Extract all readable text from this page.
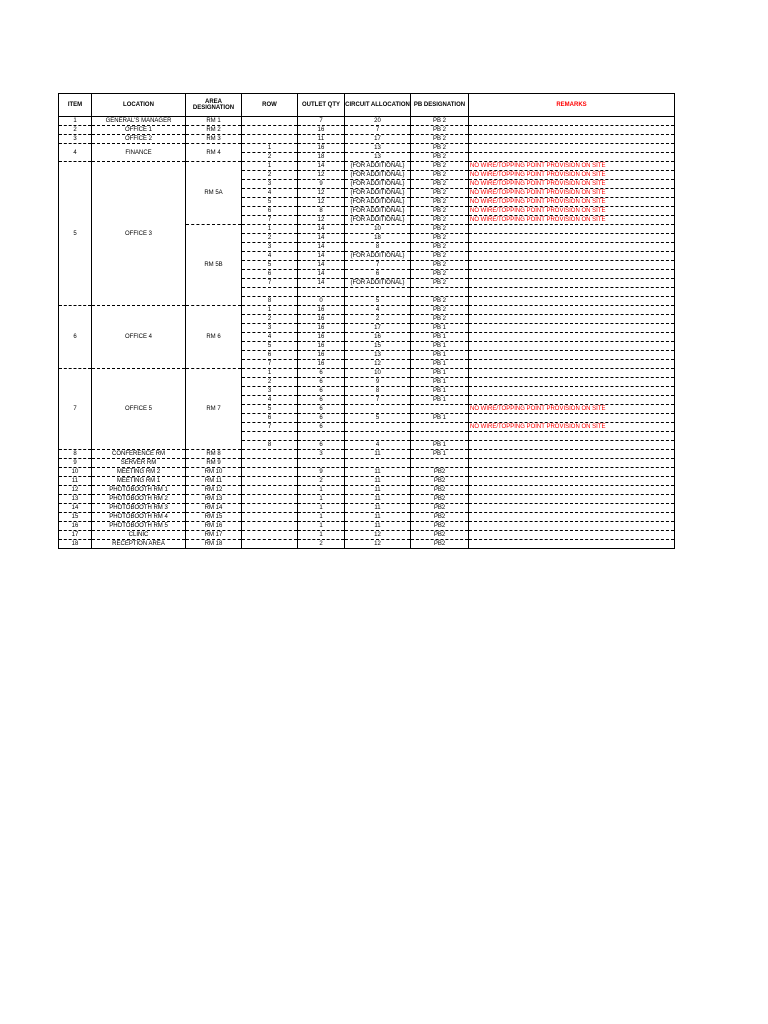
ITEM	LOCATION	AREA DESIGNATION	ROW	OUTLET QTY	CIRCUIT ALLOCATION	PB DESIGNATION	REMARKS
1	GENERAL'S MANAGER	RM 1		7	20	PB 2	
2	OFFICE 1	RM 2		16	7	PB 2	
3	OFFICE 2	RM 3		11	17	PB 2	
4	FINANCE	RM 4	1	16	13	PB 2	
			2	18	13	PB 2	
5	OFFICE 3	RM 5A	1	14	(FOR ADDITIONAL)	PB 2	NO WIRE/TOPPING POINT PROVISION ON SITE
			2	12	(FOR ADDITIONAL)	PB 2	NO WIRE/TOPPING POINT PROVISION ON SITE
			3	9	(FOR ADDITIONAL)	PB 2	NO WIRE/TOPPING POINT PROVISION ON SITE
			4	12	(FOR ADDITIONAL)	PB 2	NO WIRE/TOPPING POINT PROVISION ON SITE
			5	12	(FOR ADDITIONAL)	PB 2	NO WIRE/TOPPING POINT PROVISION ON SITE
			6	8	(FOR ADDITIONAL)	PB 2	NO WIRE/TOPPING POINT PROVISION ON SITE
			7	12	(FOR ADDITIONAL)	PB 2	NO WIRE/TOPPING POINT PROVISION ON SITE
		RM 5B	1	14	10	PB 2	
			2	14	18	PB 2	
			3	14	8	PB 2	
			4	14	(FOR ADDITIONAL)	PB 2	
			5	14	7	PB 2	
			6	14	6	PB 2	
			7	14	(FOR ADDITIONAL)	PB 2	

			8	0	5	PB 2	
6	OFFICE 4	RM 6	1	16	4	PB 2	
			2	16	2	PB 2	
			3	16	17	PB 1	
			4	16	16	PB 1	
			5	16	15	PB 1	
			6	16	13	PB 1	
			7	16	12	PB 1	
7	OFFICE 5	RM 7	1	6	10	PB 1	
			2	6	9	PB 1	
			3	6	8	PB 1	
			4	6	7	PB 1	
			5	6			NO WIRE/TOPPING POINT PROVISION ON SITE
			6	6	5	PB 1	
			7	6			NO WIRE/TOPPING POINT PROVISION ON SITE

			8	6	4	PB 1	
8	CONFERENCE RM	RM 8		3	11	PB 1	
9	SERVER RM	RM 9					
10	MEETING RM 2	RM 10		9	11	PB2	
11	MEETING RM 1	RM 11		2	11	PB2	
12	PHOTOBOOTH RM 1	RM 12		1	11	PB2	
13	PHOTOBOOTH RM 2	RM 13		1	11	PB2	
14	PHOTOBOOTH RM 3	RM 14		1	11	PB2	
15	PHOTOBOOTH RM 4	RM 15		1	11	PB2	
16	PHOTOBOOTH RM 5	RM 16		1	11	PB2	
17	CLINIC	RM 17		1	12	PB2	
18	RECEPTION AREA	RM 18		2	12	PB2	
